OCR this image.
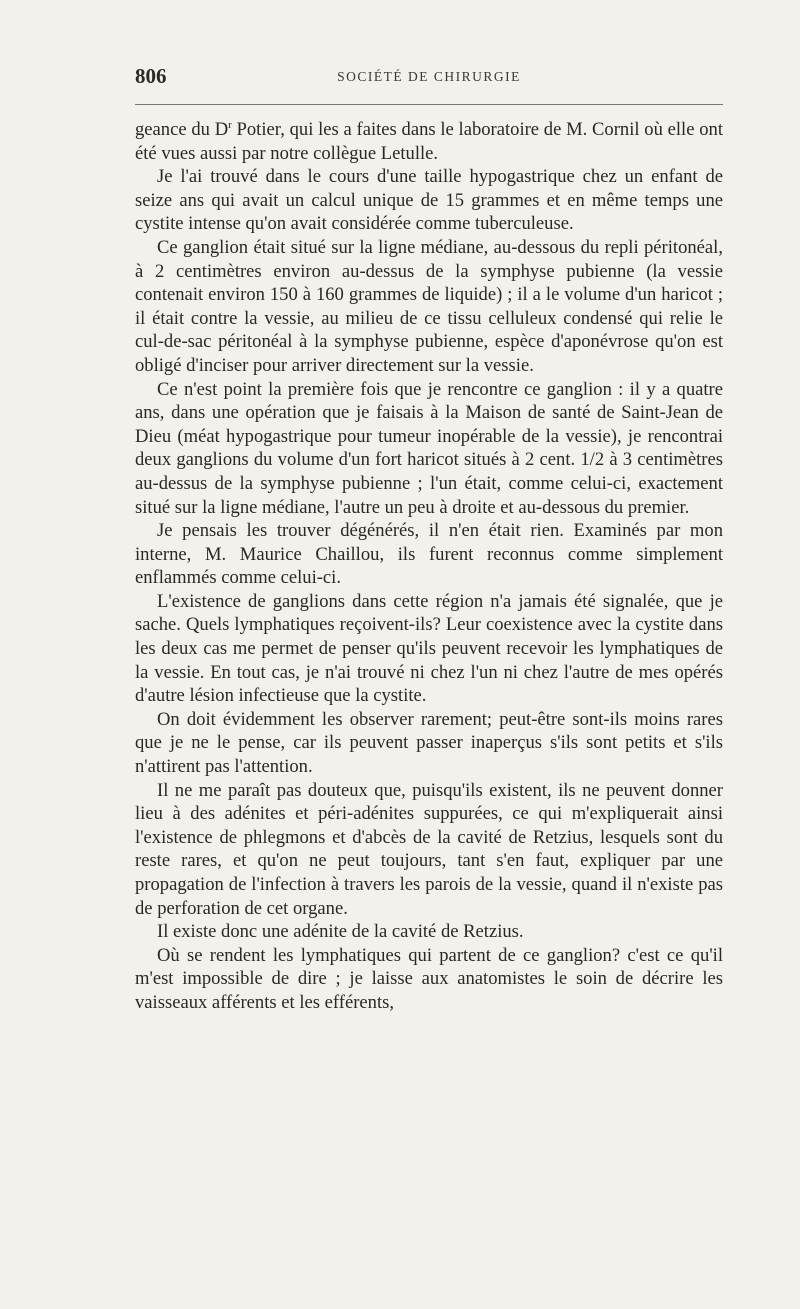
806	SOCIÉTÉ DE CHIRURGIE

geance du $D^r$ Potier, qui les a faites dans le laboratoire de M. Cornil où elle ont été vues aussi par notre collègue Letulle.

Je l'ai trouvé dans le cours d'une taille hypogastrique chez un enfant de seize ans qui avait un calcul unique de 15 grammes et en même temps une cystite intense qu'on avait considérée comme tuberculeuse.

Ce ganglion était situé sur la ligne médiane, au-dessous du repli péritonéal, à 2 centimètres environ au-dessus de la symphyse pubienne (la vessie contenait environ 150 à 160 grammes de liquide) ; il a le volume d'un haricot ; il était contre la vessie, au milieu de ce tissu celluleux condensé qui relie le cul-de-sac péritonéal à la symphyse pubienne, espèce d'aponévrose qu'on est obligé d'inciser pour arriver directement sur la vessie.

Ce n'est point la première fois que je rencontre ce ganglion : il y a quatre ans, dans une opération que je faisais à la Maison de santé de Saint-Jean de Dieu (méat hypogastrique pour tumeur inopérable de la vessie), je rencontrai deux ganglions du volume d'un fort haricot situés à 2 cent. 1/2 à 3 centimètres au-dessus de la symphyse pubienne ; l'un était, comme celui-ci, exactement situé sur la ligne médiane, l'autre un peu à droite et au-dessous du premier.

Je pensais les trouver dégénérés, il n'en était rien. Examinés par mon interne, M. Maurice Chaillou, ils furent reconnus comme simplement enflammés comme celui-ci.

L'existence de ganglions dans cette région n'a jamais été signalée, que je sache. Quels lymphatiques reçoivent-ils? Leur coexistence avec la cystite dans les deux cas me permet de penser qu'ils peuvent recevoir les lymphatiques de la vessie. En tout cas, je n'ai trouvé ni chez l'un ni chez l'autre de mes opérés d'autre lésion infectieuse que la cystite.

On doit évidemment les observer rarement; peut-être sont-ils moins rares que je ne le pense, car ils peuvent passer inaperçus s'ils sont petits et s'ils n'attirent pas l'attention.

Il ne me paraît pas douteux que, puisqu'ils existent, ils ne peuvent donner lieu à des adénites et péri-adénites suppurées, ce qui m'expliquerait ainsi l'existence de phlegmons et d'abcès de la cavité de Retzius, lesquels sont du reste rares, et qu'on ne peut toujours, tant s'en faut, expliquer par une propagation de l'infection à travers les parois de la vessie, quand il n'existe pas de perforation de cet organe.

Il existe donc une adénite de la cavité de Retzius.

Où se rendent les lymphatiques qui partent de ce ganglion? c'est ce qu'il m'est impossible de dire ; je laisse aux anatomistes le soin de décrire les vaisseaux afférents et les efférents,
